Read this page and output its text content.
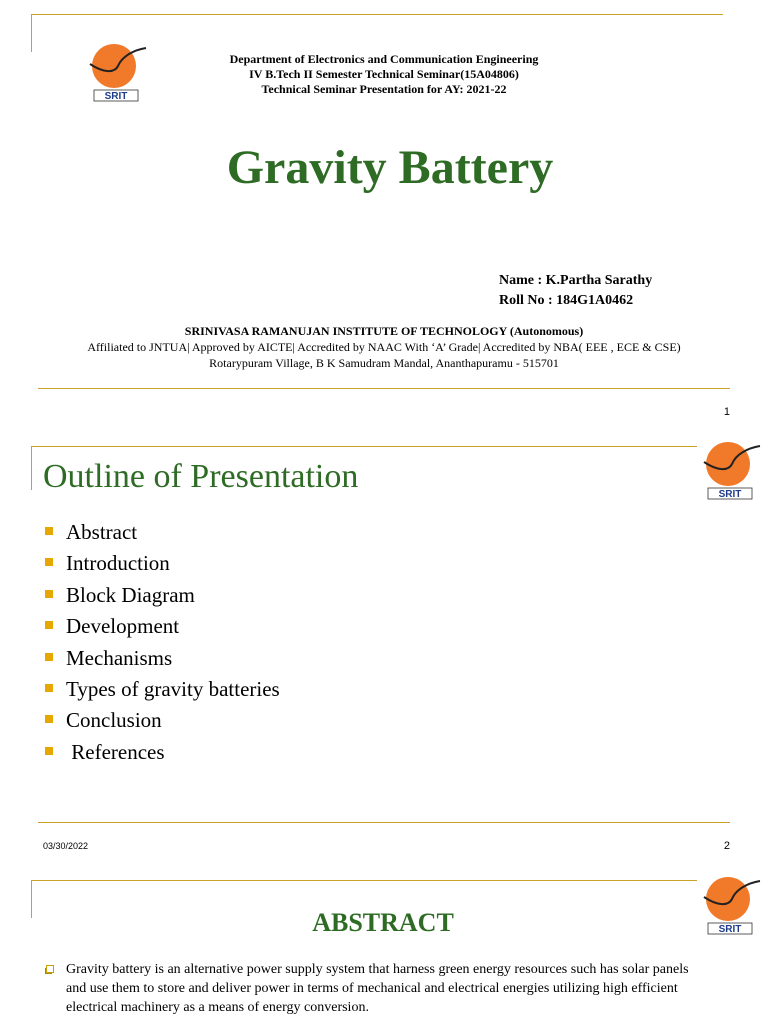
SRIT
Department of Electronics and Communication Engineering
IV B.Tech II Semester Technical Seminar(15A04806)
Technical Seminar Presentation for AY: 2021-22
Gravity Battery
Name : K.Partha Sarathy
Roll No : 184G1A0462
SRINIVASA RAMANUJAN INSTITUTE OF TECHNOLOGY (Autonomous)
Affiliated to JNTUA| Approved by AICTE| Accredited by NAAC With ‘A’ Grade| Accredited by NBA( EEE , ECE & CSE)
Rotarypuram Village, B K Samudram Mandal, Ananthapuramu - 515701
1
SRIT
Outline of Presentation
Abstract
Introduction
Block Diagram
Development
Mechanisms
Types of gravity batteries
Conclusion
References
03/30/2022	2
SRIT
ABSTRACT
Gravity battery is an alternative power supply system that harness green energy resources such has solar panels and use them to store and deliver power in terms of mechanical and electrical energies utilizing high efficient electrical machinery as a means of energy conversion.
